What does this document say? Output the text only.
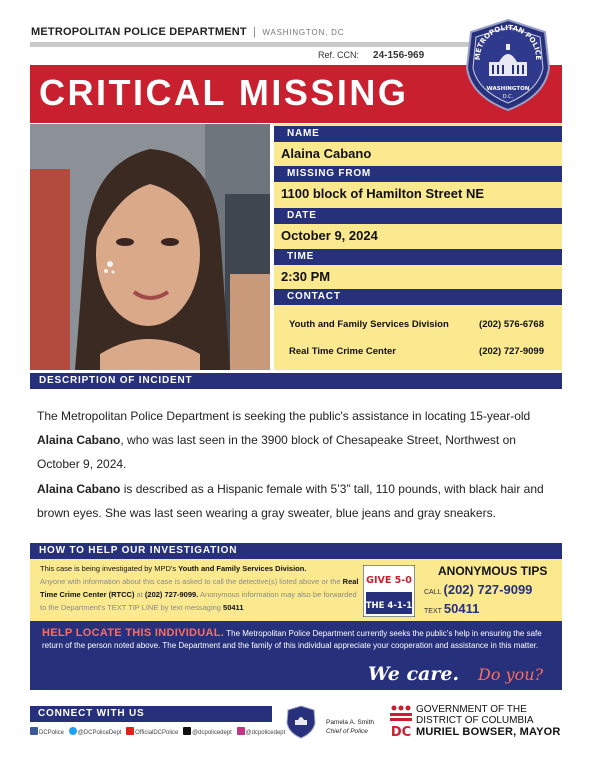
METROPOLITAN POLICE DEPARTMENT | WASHINGTON, DC
Ref. CCN: 24-156-969
CRITICAL MISSING
METROPOLITAN POLICE
WASHINGTON
D.C.
NAME
Alaina Cabano
MISSING FROM
1100 block of Hamilton Street NE
DATE
October 9, 2024
TIME
2:30 PM
CONTACT
Youth and Family Services Division	(202) 576-6768
Real Time Crime Center	(202) 727-9099
DESCRIPTION OF INCIDENT

The Metropolitan Police Department is seeking the public's assistance in locating 15-year-old
Alaina Cabano, who was last seen in the 3900 block of Chesapeake Street, Northwest on October 9, 2024.

Alaina Cabano is described as a Hispanic female with 5’3” tall, 110 pounds, with black hair and brown eyes. She was last seen wearing a gray sweater, blue jeans and gray sneakers.

HOW TO HELP OUR INVESTIGATION
This case is being investigated by MPD's Youth and Family Services Division.
Anyone with information about this case is asked to call the detective(s) listed above or the Real Time Crime Center (RTCC) at (202) 727-9099. Anonymous information may also be forwarded to the Department's TEXT TIP LINE by text messaging 50411
GIVE 5-0
THE 4-1-1
ANONYMOUS TIPS
CALL (202) 727-9099
TEXT 50411
HELP LOCATE THIS INDIVIDUAL. The Metropolitan Police Department currently seeks the public's help in ensuring the safe return of the person noted above. The Department and the family of this individual appreciate your cooperation and assistance in this matter.
We care. Do you?
CONNECT WITH US
DCPolice @DCPoliceDept OfficialDCPolice @dcpolicedept @dcpolicedept
Pamela A. Smith
Chief of Police	DC
GOVERNMENT OF THE
DISTRICT OF COLUMBIA
MURIEL BOWSER, MAYOR
